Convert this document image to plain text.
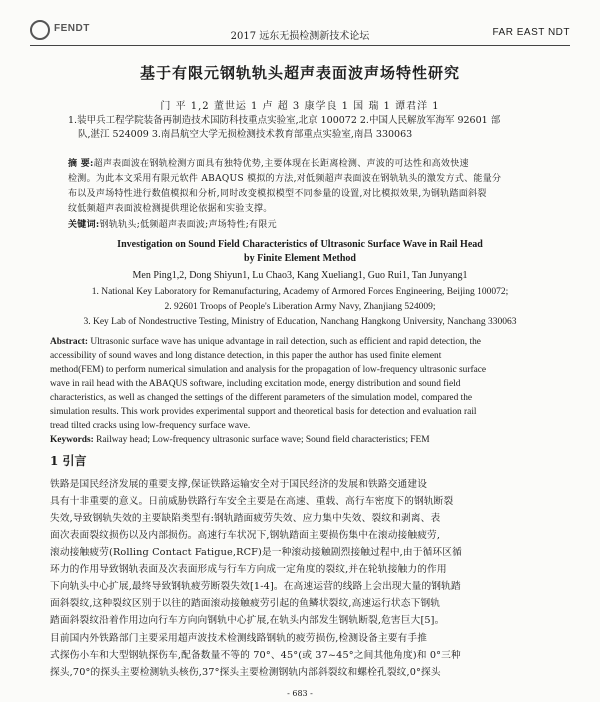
FENDT
2017 远东无损检测新技术论坛	FAR EAST NDT
基于有限元钢轨轨头超声表面波声场特性研究
门 平 1,2 董世运 1 卢 超 3 康学良 1 国 瑞 1 谭君洋 1
1.装甲兵工程学院装备再制造技术国防科技重点实验室,北京 100072 2.中国人民解放军海军 92601 部
队,湛江 524009 3.南昌航空大学无损检测技术教育部重点实验室,南昌 330063
摘 要:超声表面波在钢轨检测方面具有独特优势,主要体现在长距离检测、声波的可达性和高效快速
检测。为此本文采用有限元软件 ABAQUS 模拟的方法,对低频超声表面波在钢轨轨头的激发方式、能量分
布以及声场特性进行数值模拟和分析,同时改变模拟模型不同参量的设置,对比模拟效果,为钢轨踏面斜裂
纹低频超声表面波检测提供理论依据和实验支撑。
关键词:钢轨轨头;低频超声表面波;声场特性;有限元
Investigation on Sound Field Characteristics of Ultrasonic Surface Wave in Rail Head
by Finite Element Method
Men Ping1,2, Dong Shiyun1, Lu Chao3, Kang Xueliang1, Guo Rui1, Tan Junyang1
1. National Key Laboratory for Remanufacturing, Academy of Armored Forces Engineering, Beijing 100072;
2. 92601 Troops of People's Liberation Army Navy, Zhanjiang 524009;
3. Key Lab of Nondestructive Testing, Ministry of Education, Nanchang Hangkong University, Nanchang 330063
Abstract: Ultrasonic surface wave has unique advantage in rail detection, such as efficient and rapid detection, the
accessibility of sound waves and long distance detection, in this paper the author has used finite element
method(FEM) to perform numerical simulation and analysis for the propagation of low-frequency ultrasonic surface
wave in rail head with the ABAQUS software, including excitation mode, energy distribution and sound field
characteristics, as well as changed the settings of the different parameters of the simulation model, compared the
simulation results. This work provides experimental support and theoretical basis for detection and evaluation rail
tread tilted cracks using low-frequency surface wave.
Keywords: Railway head; Low-frequency ultrasonic surface wave; Sound field characteristics; FEM
1 引言
铁路是国民经济发展的重要支撑,保证铁路运输安全对于国民经济的发展和铁路交通建设
具有十非重要的意义。日前威胁铁路行车安全主要是在高速、重载、高行车密度下的钢轨断裂
失效,导致钢轨失效的主要缺陷类型有:钢轨踏面疲劳失效、应力集中失效、裂纹和剥离、表
面次表面裂纹损伤以及内部损伤。高速行车状况下,钢轨踏面主要损伤集中在滚动接触疲劳,
滚动接触疲劳(Rolling Contact Fatigue,RCF)是一种滚动接触剧烈接触过程中,由于循环区循
环力的作用导致钢轨表面及次表面形成与行车方向成一定角度的裂纹,并在轮轨接触力的作用
下向轨头中心扩展,最终导致钢轨疲劳断裂失效[1-4]。在高速运营的线路上会出现大量的钢轨踏
面斜裂纹,这种裂纹区别于以往的踏面滚动接触疲劳引起的鱼鳞状裂纹,高速运行状态下钢轨
踏面斜裂纹沿着作用边向行车方向向钢轨中心扩展,在轨头内部发生钢轨断裂,危害巨大[5]。
目前国内外铁路部门主要采用超声波技术检测线路钢轨的疲劳损伤,检测设备主要有手推
式探伤小车和大型钢轨探伤车,配备数量不等的 70°、45°(或 37~45°之间其他角度)和 0°三种
探头,70°的探头主要检测轨头核伤,37°探头主要检测钢轨内部斜裂纹和螺栓孔裂纹,0°探头
- 683 -
